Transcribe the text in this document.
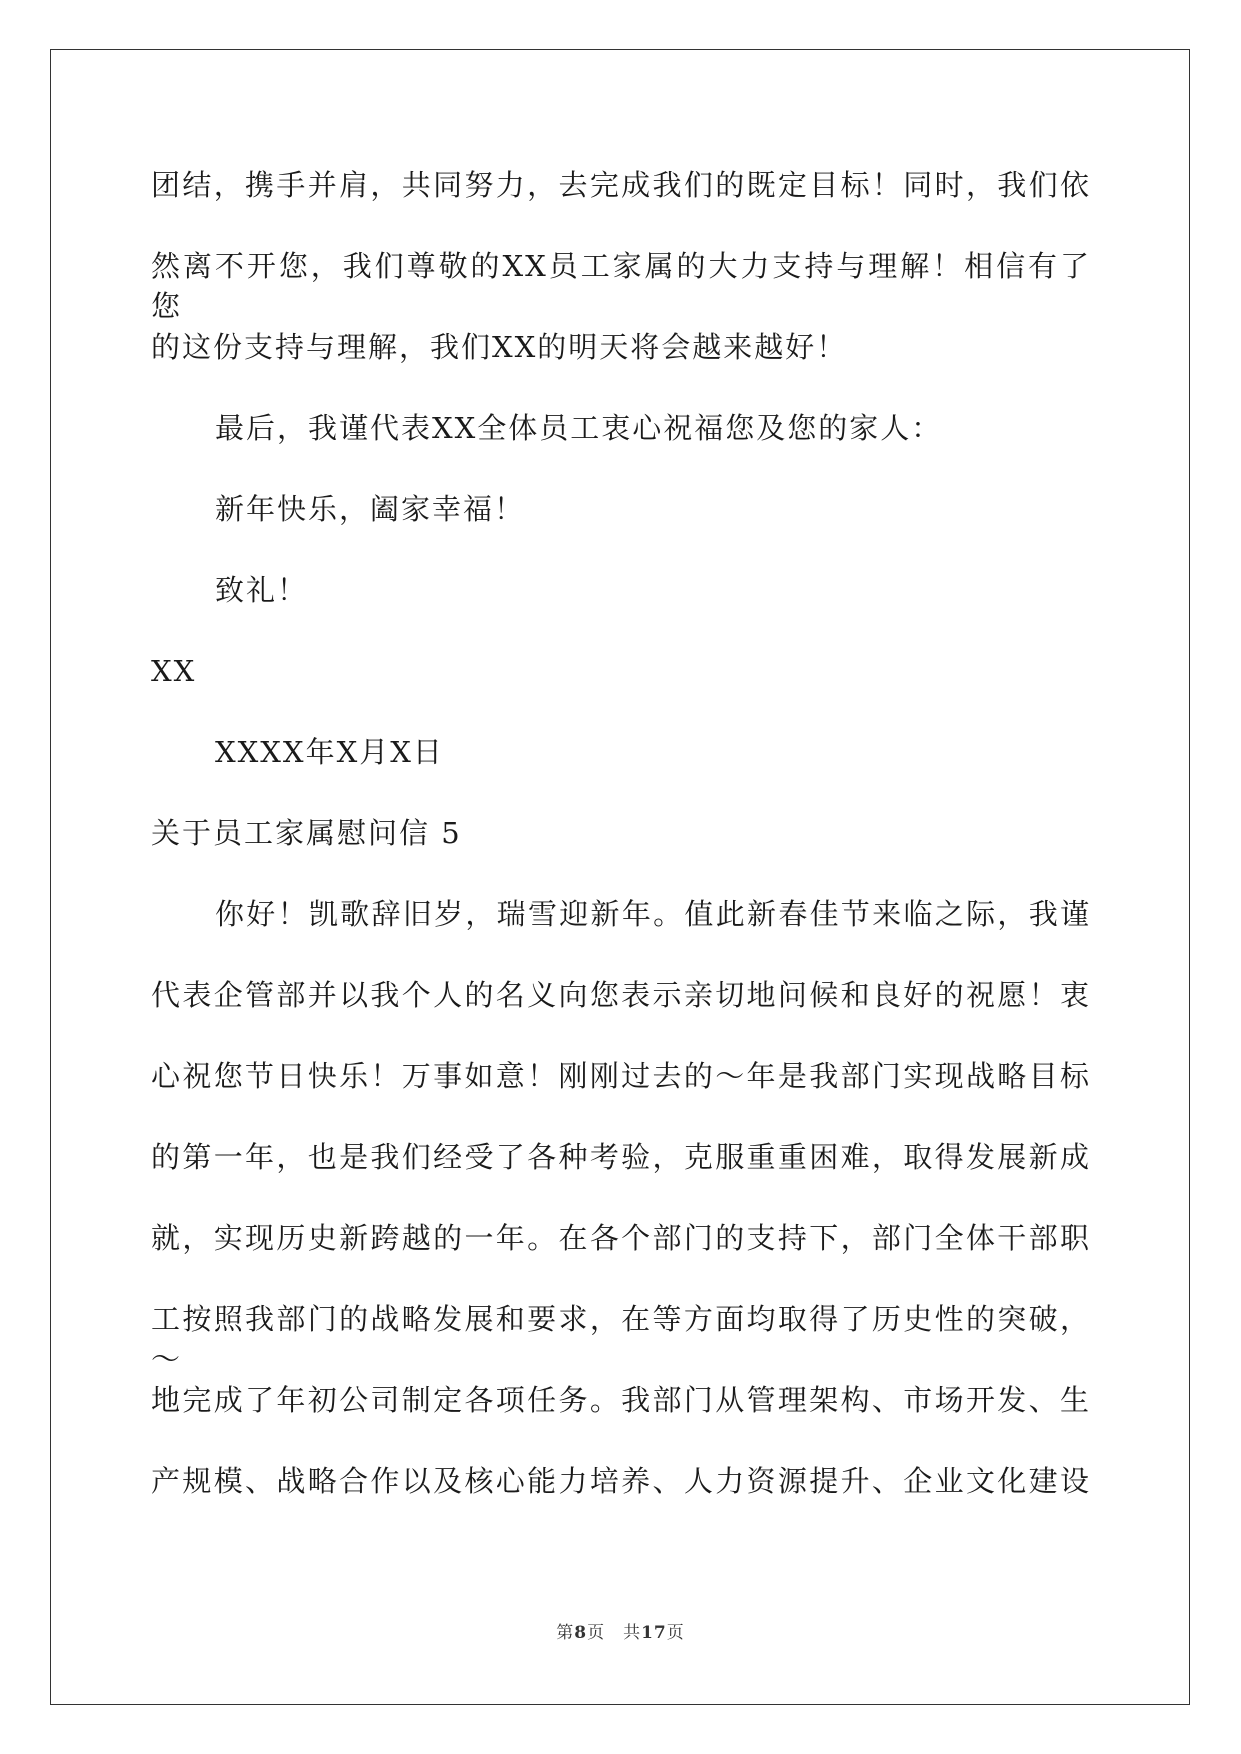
团结，携手并肩，共同努力，去完成我们的既定目标！同时，我们依
然离不开您，我们尊敬的XX员工家属的大力支持与理解！相信有了您
的这份支持与理解，我们XX的明天将会越来越好！
最后，我谨代表XX全体员工衷心祝福您及您的家人：
新年快乐，阖家幸福！
致礼！
XX
XXXX年X月X日
关于员工家属慰问信 5
你好！凯歌辞旧岁，瑞雪迎新年。值此新春佳节来临之际，我谨
代表企管部并以我个人的名义向您表示亲切地问候和良好的祝愿！衷
心祝您节日快乐！万事如意！刚刚过去的～年是我部门实现战略目标
的第一年，也是我们经受了各种考验，克服重重困难，取得发展新成
就，实现历史新跨越的一年。在各个部门的支持下，部门全体干部职
工按照我部门的战略发展和要求，在等方面均取得了历史性的突破，～
地完成了年初公司制定各项任务。我部门从管理架构、市场开发、生
产规模、战略合作以及核心能力培养、人力资源提升、企业文化建设
第8页　共17页
